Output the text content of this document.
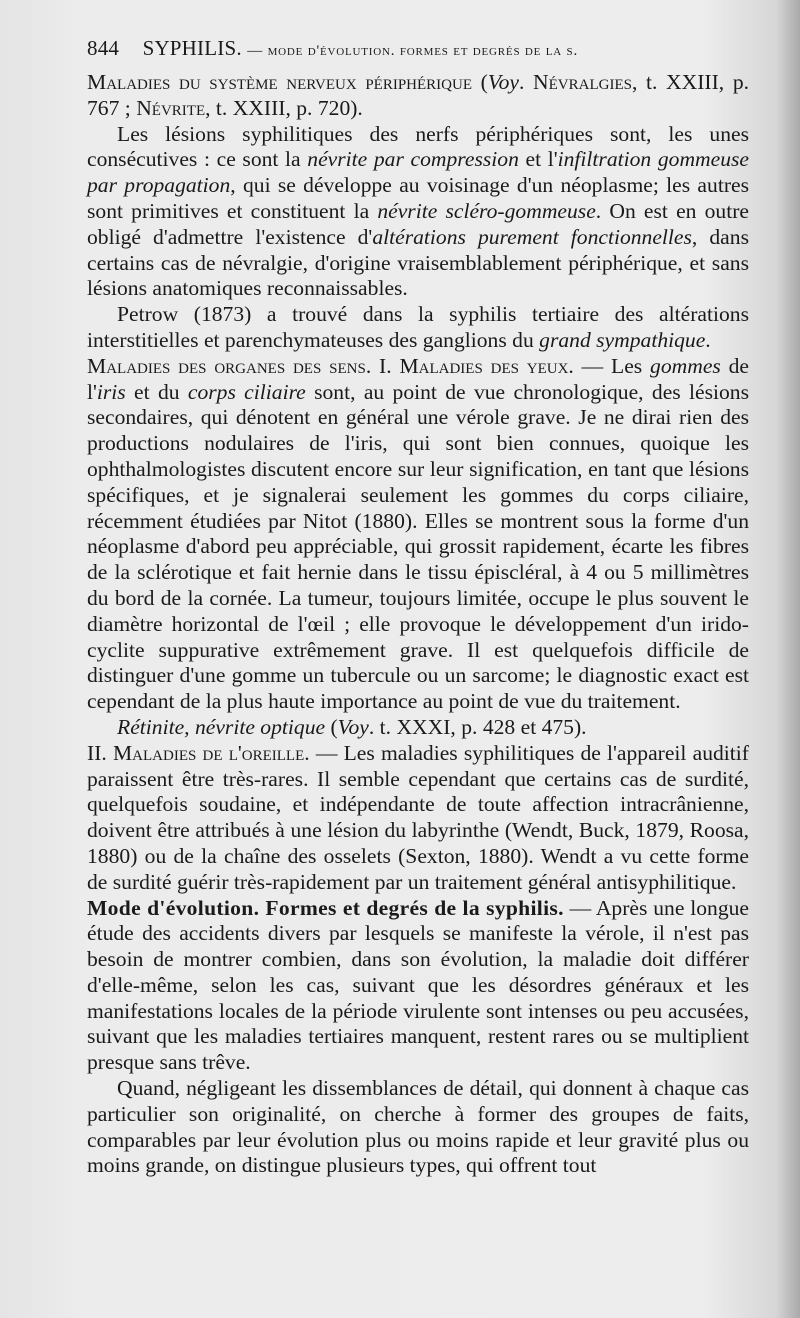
844 SYPHILIS. — mode d'évolution. formes et degrés de la s.

Maladies du système nerveux périphérique (Voy. Névralgies, t. XXIII, p. 767 ; Névrite, t. XXIII, p. 720).

Les lésions syphilitiques des nerfs périphériques sont, les unes consécutives : ce sont la névrite par compression et l'infiltration gommeuse par propagation, qui se développe au voisinage d'un néoplasme; les autres sont primitives et constituent la névrite scléro-gommeuse. On est en outre obligé d'admettre l'existence d'altérations purement fonctionnelles, dans certains cas de névralgie, d'origine vraisemblablement périphérique, et sans lésions anatomiques reconnaissables.

Petrow (1873) a trouvé dans la syphilis tertiaire des altérations interstitielles et parenchymateuses des ganglions du grand sympathique.

Maladies des organes des sens. I. Maladies des yeux. — Les gommes de l'iris et du corps ciliaire sont, au point de vue chronologique, des lésions secondaires, qui dénotent en général une vérole grave. Je ne dirai rien des productions nodulaires de l'iris, qui sont bien connues, quoique les ophthalmologistes discutent encore sur leur signification, en tant que lésions spécifiques, et je signalerai seulement les gommes du corps ciliaire, récemment étudiées par Nitot (1880). Elles se montrent sous la forme d'un néoplasme d'abord peu appréciable, qui grossit rapidement, écarte les fibres de la sclérotique et fait hernie dans le tissu épiscléral, à 4 ou 5 millimètres du bord de la cornée. La tumeur, toujours limitée, occupe le plus souvent le diamètre horizontal de l'œil ; elle provoque le développement d'un irido-cyclite suppurative extrêmement grave. Il est quelquefois difficile de distinguer d'une gomme un tubercule ou un sarcome; le diagnostic exact est cependant de la plus haute importance au point de vue du traitement.

Rétinite, névrite optique (Voy. t. XXXI, p. 428 et 475).

II. Maladies de l'oreille. — Les maladies syphilitiques de l'appareil auditif paraissent être très-rares. Il semble cependant que certains cas de surdité, quelquefois soudaine, et indépendante de toute affection intracrânienne, doivent être attribués à une lésion du labyrinthe (Wendt, Buck, 1879, Roosa, 1880) ou de la chaîne des osselets (Sexton, 1880). Wendt a vu cette forme de surdité guérir très-rapidement par un traitement général antisyphilitique.

Mode d'évolution. Formes et degrés de la syphilis. — Après une longue étude des accidents divers par lesquels se manifeste la vérole, il n'est pas besoin de montrer combien, dans son évolution, la maladie doit différer d'elle-même, selon les cas, suivant que les désordres généraux et les manifestations locales de la période virulente sont intenses ou peu accusées, suivant que les maladies tertiaires manquent, restent rares ou se multiplient presque sans trêve.

Quand, négligeant les dissemblances de détail, qui donnent à chaque cas particulier son originalité, on cherche à former des groupes de faits, comparables par leur évolution plus ou moins rapide et leur gravité plus ou moins grande, on distingue plusieurs types, qui offrent tout
